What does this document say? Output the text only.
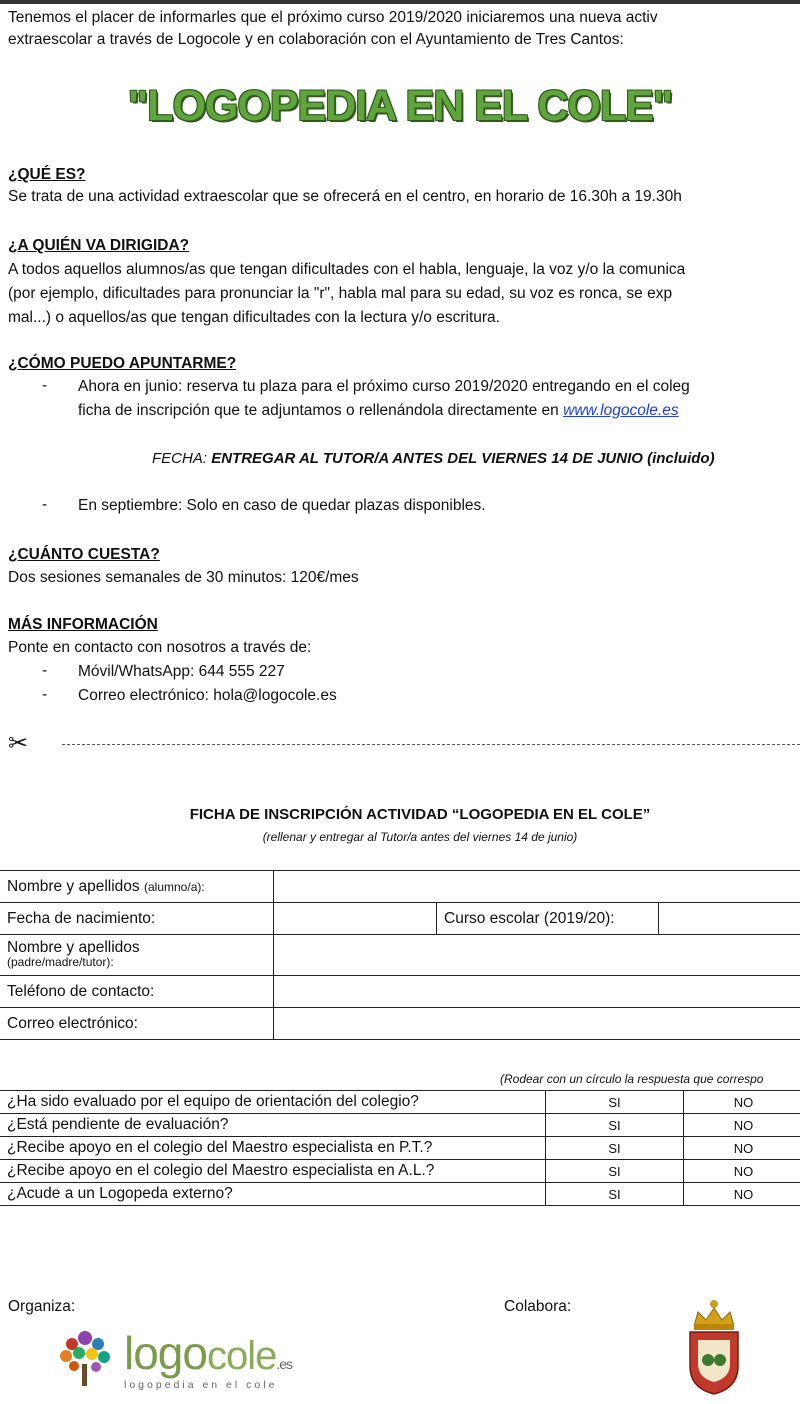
Tenemos el placer de informarles que el próximo curso 2019/2020 iniciaremos una nueva activ
extraescolar a través de Logocole y en colaboración con el Ayuntamiento de Tres Cantos:
"LOGOPEDIA EN EL COLE"
¿QUÉ ES?
Se trata de una actividad extraescolar que se ofrecerá en el centro, en horario de 16.30h a 19.30h
¿A QUIÉN VA DIRIGIDA?
A todos aquellos alumnos/as que tengan dificultades con el habla, lenguaje, la voz y/o la comunica
(por ejemplo, dificultades para pronunciar la "r", habla mal para su edad, su voz es ronca, se exp
mal...) o aquellos/as que tengan dificultades con la lectura y/o escritura.
¿CÓMO PUEDO APUNTARME?
- Ahora en junio: reserva tu plaza para el próximo curso 2019/2020 entregando en el coleg
ficha de inscripción que te adjuntamos o rellenándola directamente en www.logocole.es
FECHA: ENTREGAR AL TUTOR/A ANTES DEL VIERNES 14 DE JUNIO (incluido)
- En septiembre: Solo en caso de quedar plazas disponibles.
¿CUÁNTO CUESTA?
Dos sesiones semanales de 30 minutos: 120€/mes
MÁS INFORMACIÓN
Ponte en contacto con nosotros a través de:
- Móvil/WhatsApp: 644 555 227
- Correo electrónico: hola@logocole.es
✂
FICHA DE INSCRIPCIÓN ACTIVIDAD “LOGOPEDIA EN EL COLE”
(rellenar y entregar al Tutor/a antes del viernes 14 de junio)
Nombre y apellidos (alumno/a):			
Fecha de nacimiento:		Curso escolar (2019/20):	

Nombre y apellidos
(padre/madre/tutor):			

Teléfono de contacto:			
Correo electrónico:			
(Rodear con un círculo la respuesta que correspo
¿Ha sido evaluado por el equipo de orientación del colegio?	SI	NO
¿Está pendiente de evaluación?	SI	NO
¿Recibe apoyo en el colegio del Maestro especialista en P.T.?	SI	NO
¿Recibe apoyo en el colegio del Maestro especialista en A.L.?	SI	NO
¿Acude a un Logopeda externo?	SI	NO
Organiza:	Colabora:
logocole.es
logopedia en el cole
